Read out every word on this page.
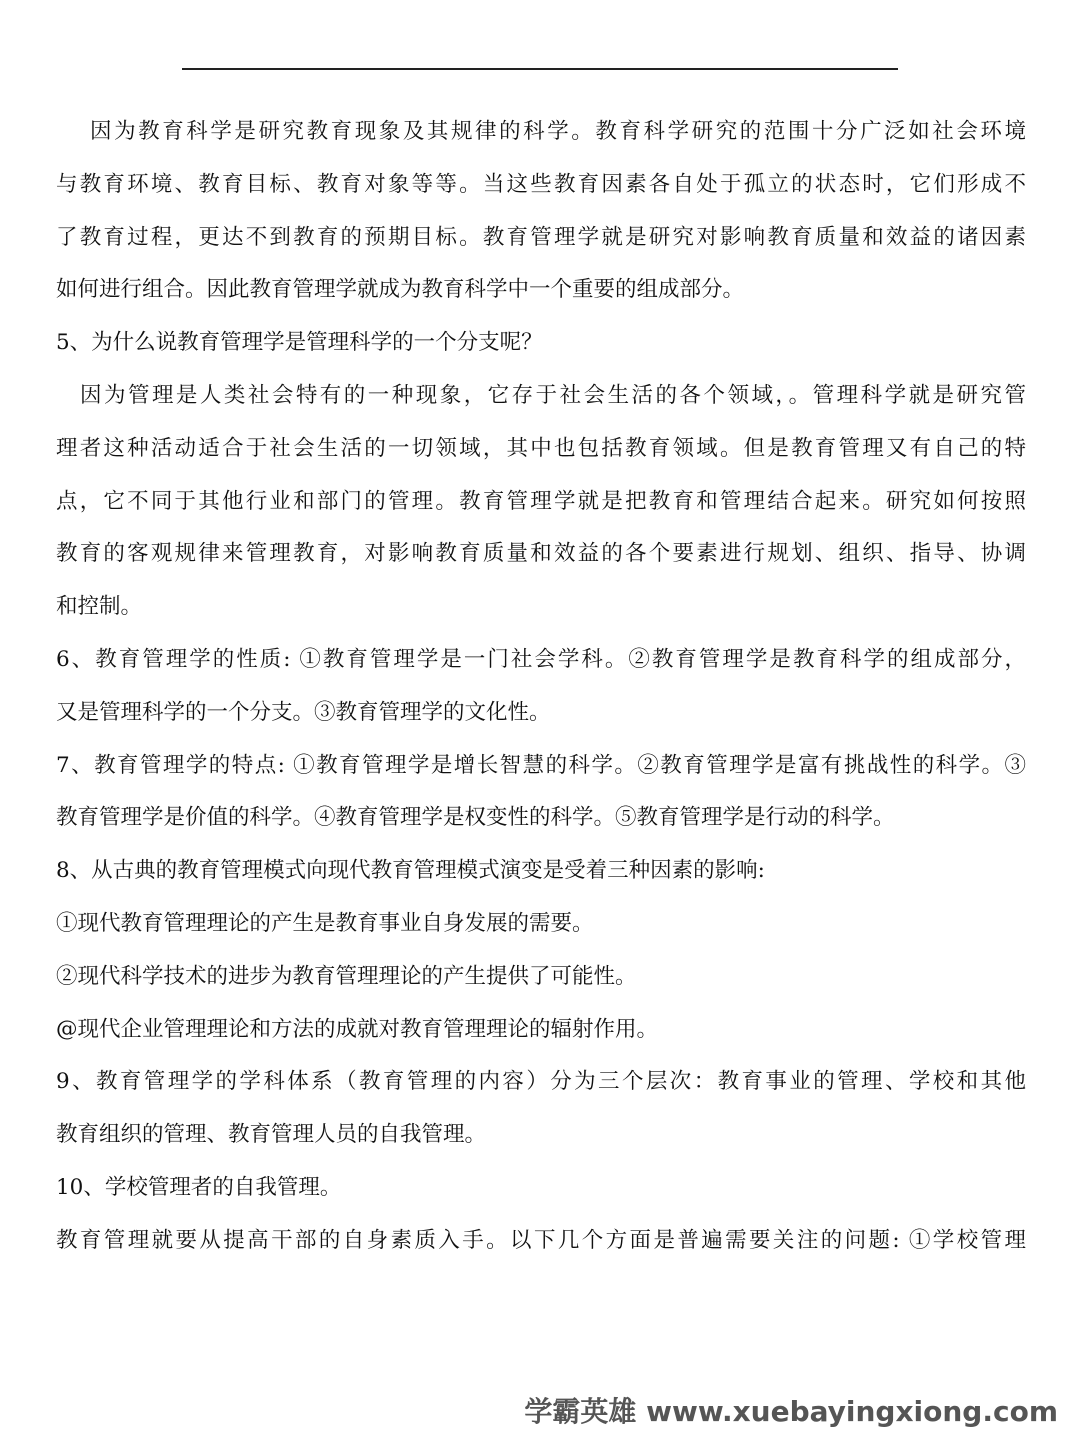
因为教育科学是研究教育现象及其规律的科学。教育科学研究的范围十分广泛如社会环境
与教育环境、教育目标、教育对象等等。当这些教育因素各自处于孤立的状态时，它们形成不
了教育过程，更达不到教育的预期目标。教育管理学就是研究对影响教育质量和效益的诸因素
如何进行组合。因此教育管理学就成为教育科学中一个重要的组成部分。
5、为什么说教育管理学是管理科学的一个分支呢？
因为管理是人类社会特有的一种现象，它存于社会生活的各个领域，。管理科学就是研究管
理者这种活动适合于社会生活的一切领域，其中也包括教育领域。但是教育管理又有自己的特
点，它不同于其他行业和部门的管理。教育管理学就是把教育和管理结合起来。研究如何按照
教育的客观规律来管理教育，对影响教育质量和效益的各个要素进行规划、组织、指导、协调
和控制。
6、教育管理学的性质: ①教育管理学是一门社会学科。②教育管理学是教育科学的组成部分，
又是管理科学的一个分支。③教育管理学的文化性。
7、教育管理学的特点: ①教育管理学是增长智慧的科学。②教育管理学是富有挑战性的科学。③
教育管理学是价值的科学。④教育管理学是权变性的科学。⑤教育管理学是行动的科学。
8、从古典的教育管理模式向现代教育管理模式演变是受着三种因素的影响:
①现代教育管理理论的产生是教育事业自身发展的需要。
②现代科学技术的进步为教育管理理论的产生提供了可能性。
@现代企业管理理论和方法的成就对教育管理理论的辐射作用。
9、教育管理学的学科体系（教育管理的内容）分为三个层次：教育事业的管理、学校和其他
教育组织的管理、教育管理人员的自我管理。
10、学校管理者的自我管理。
教育管理就要从提高干部的自身素质入手。以下几个方面是普遍需要关注的问题: ①学校管理
学霸英雄 www.xuebayingxiong.com
